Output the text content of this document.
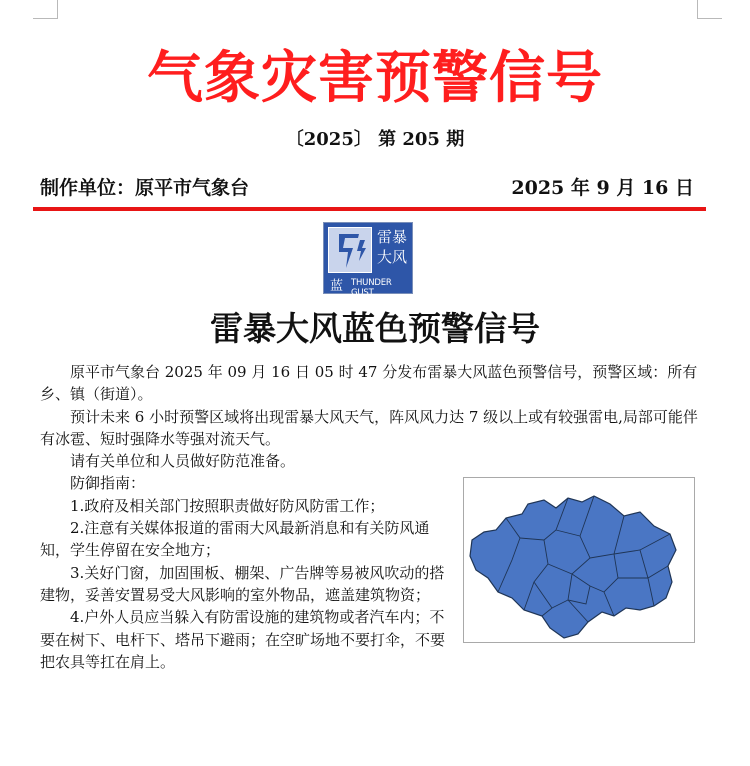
气象灾害预警信号
〔2025〕 第 205 期
制作单位：原平市气象台	2025 年 9 月 16 日
雷暴
大风
蓝 THUNDER GUST
雷暴大风蓝色预警信号

原平市气象台 2025 年 09 月 16 日 05 时 47 分发布雷暴大风蓝色预警信号，预警区域：所有乡、镇（街道）。

预计未来 6 小时预警区域将出现雷暴大风天气，阵风风力达 7 级以上或有较强雷电,局部可能伴有冰雹、短时强降水等强对流天气。

请有关单位和人员做好防范准备。

防御指南：

1.政府及相关部门按照职责做好防风防雷工作；

2.注意有关媒体报道的雷雨大风最新消息和有关防风通知，学生停留在安全地方；

3.关好门窗，加固围板、棚架、广告牌等易被风吹动的搭建物，妥善安置易受大风影响的室外物品，遮盖建筑物资；

4.户外人员应当躲入有防雷设施的建筑物或者汽车内；不要在树下、电杆下、塔吊下避雨；在空旷场地不要打伞，不要把农具等扛在肩上。
